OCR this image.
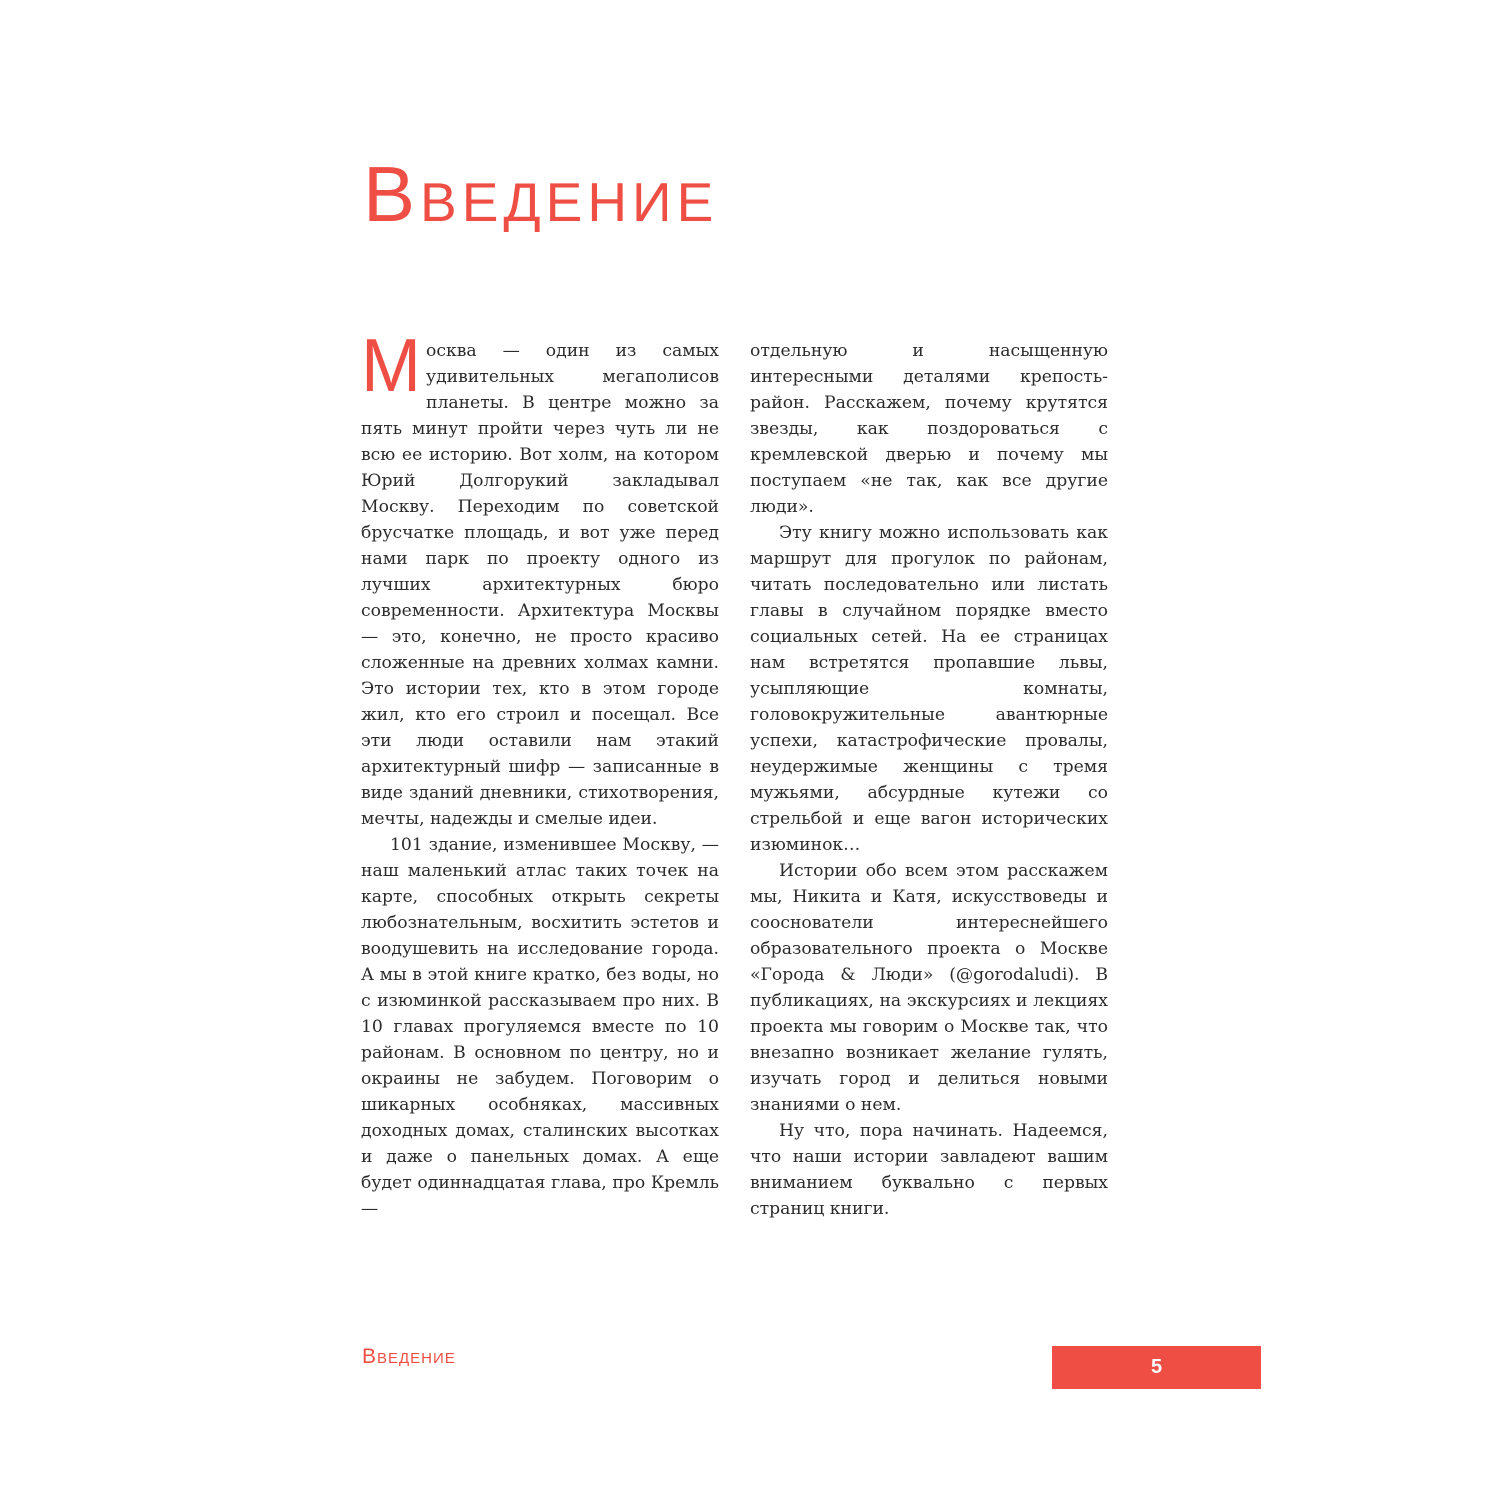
Введение

Москва — один из самых удивительных мегаполисов планеты. В центре можно за пять минут пройти через чуть ли не всю ее историю. Вот холм, на котором Юрий Долгорукий закладывал Москву. Переходим по советской брусчатке площадь, и вот уже перед нами парк по проекту одного из лучших архитектурных бюро современности. Архитектура Москвы — это, конечно, не просто красиво сложенные на древних холмах камни. Это истории тех, кто в этом городе жил, кто его строил и посещал. Все эти люди оставили нам этакий архитектурный шифр — записанные в виде зданий дневники, стихотворения, мечты, надежды и смелые идеи.

101 здание, изменившее Москву, — наш маленький атлас таких точек на карте, способных открыть секреты любознательным, восхитить эстетов и воодушевить на исследование города. А мы в этой книге кратко, без воды, но с изюминкой рассказываем про них. В 10 главах прогуляемся вместе по 10 районам. В основном по центру, но и окраины не забудем. Поговорим о шикарных особняках, массивных доходных домах, сталинских высотках и даже о панельных домах. А еще будет одиннадцатая глава, про Кремль —

отдельную и насыщенную интересными деталями крепость-район. Расскажем, почему крутятся звезды, как поздороваться с кремлевской дверью и почему мы поступаем «не так, как все другие люди».

Эту книгу можно использовать как маршрут для прогулок по районам, читать последовательно или листать главы в случайном порядке вместо социальных сетей. На ее страницах нам встретятся пропавшие львы, усыпляющие комнаты, головокружительные авантюрные успехи, катастрофические провалы, неудержимые женщины с тремя мужьями, абсурдные кутежи со стрельбой и еще вагон исторических изюминок…

Истории обо всем этом расскажем мы, Никита и Катя, искусствоведы и сооснователи интереснейшего образовательного проекта о Москве «Города & Люди» (@gorodaludi). В публикациях, на экскурсиях и лекциях проекта мы говорим о Москве так, что внезапно возникает желание гулять, изучать город и делиться новыми знаниями о нем.

Ну что, пора начинать. Надеемся, что наши истории завладеют вашим вниманием буквально с первых страниц книги.

Введение	5
